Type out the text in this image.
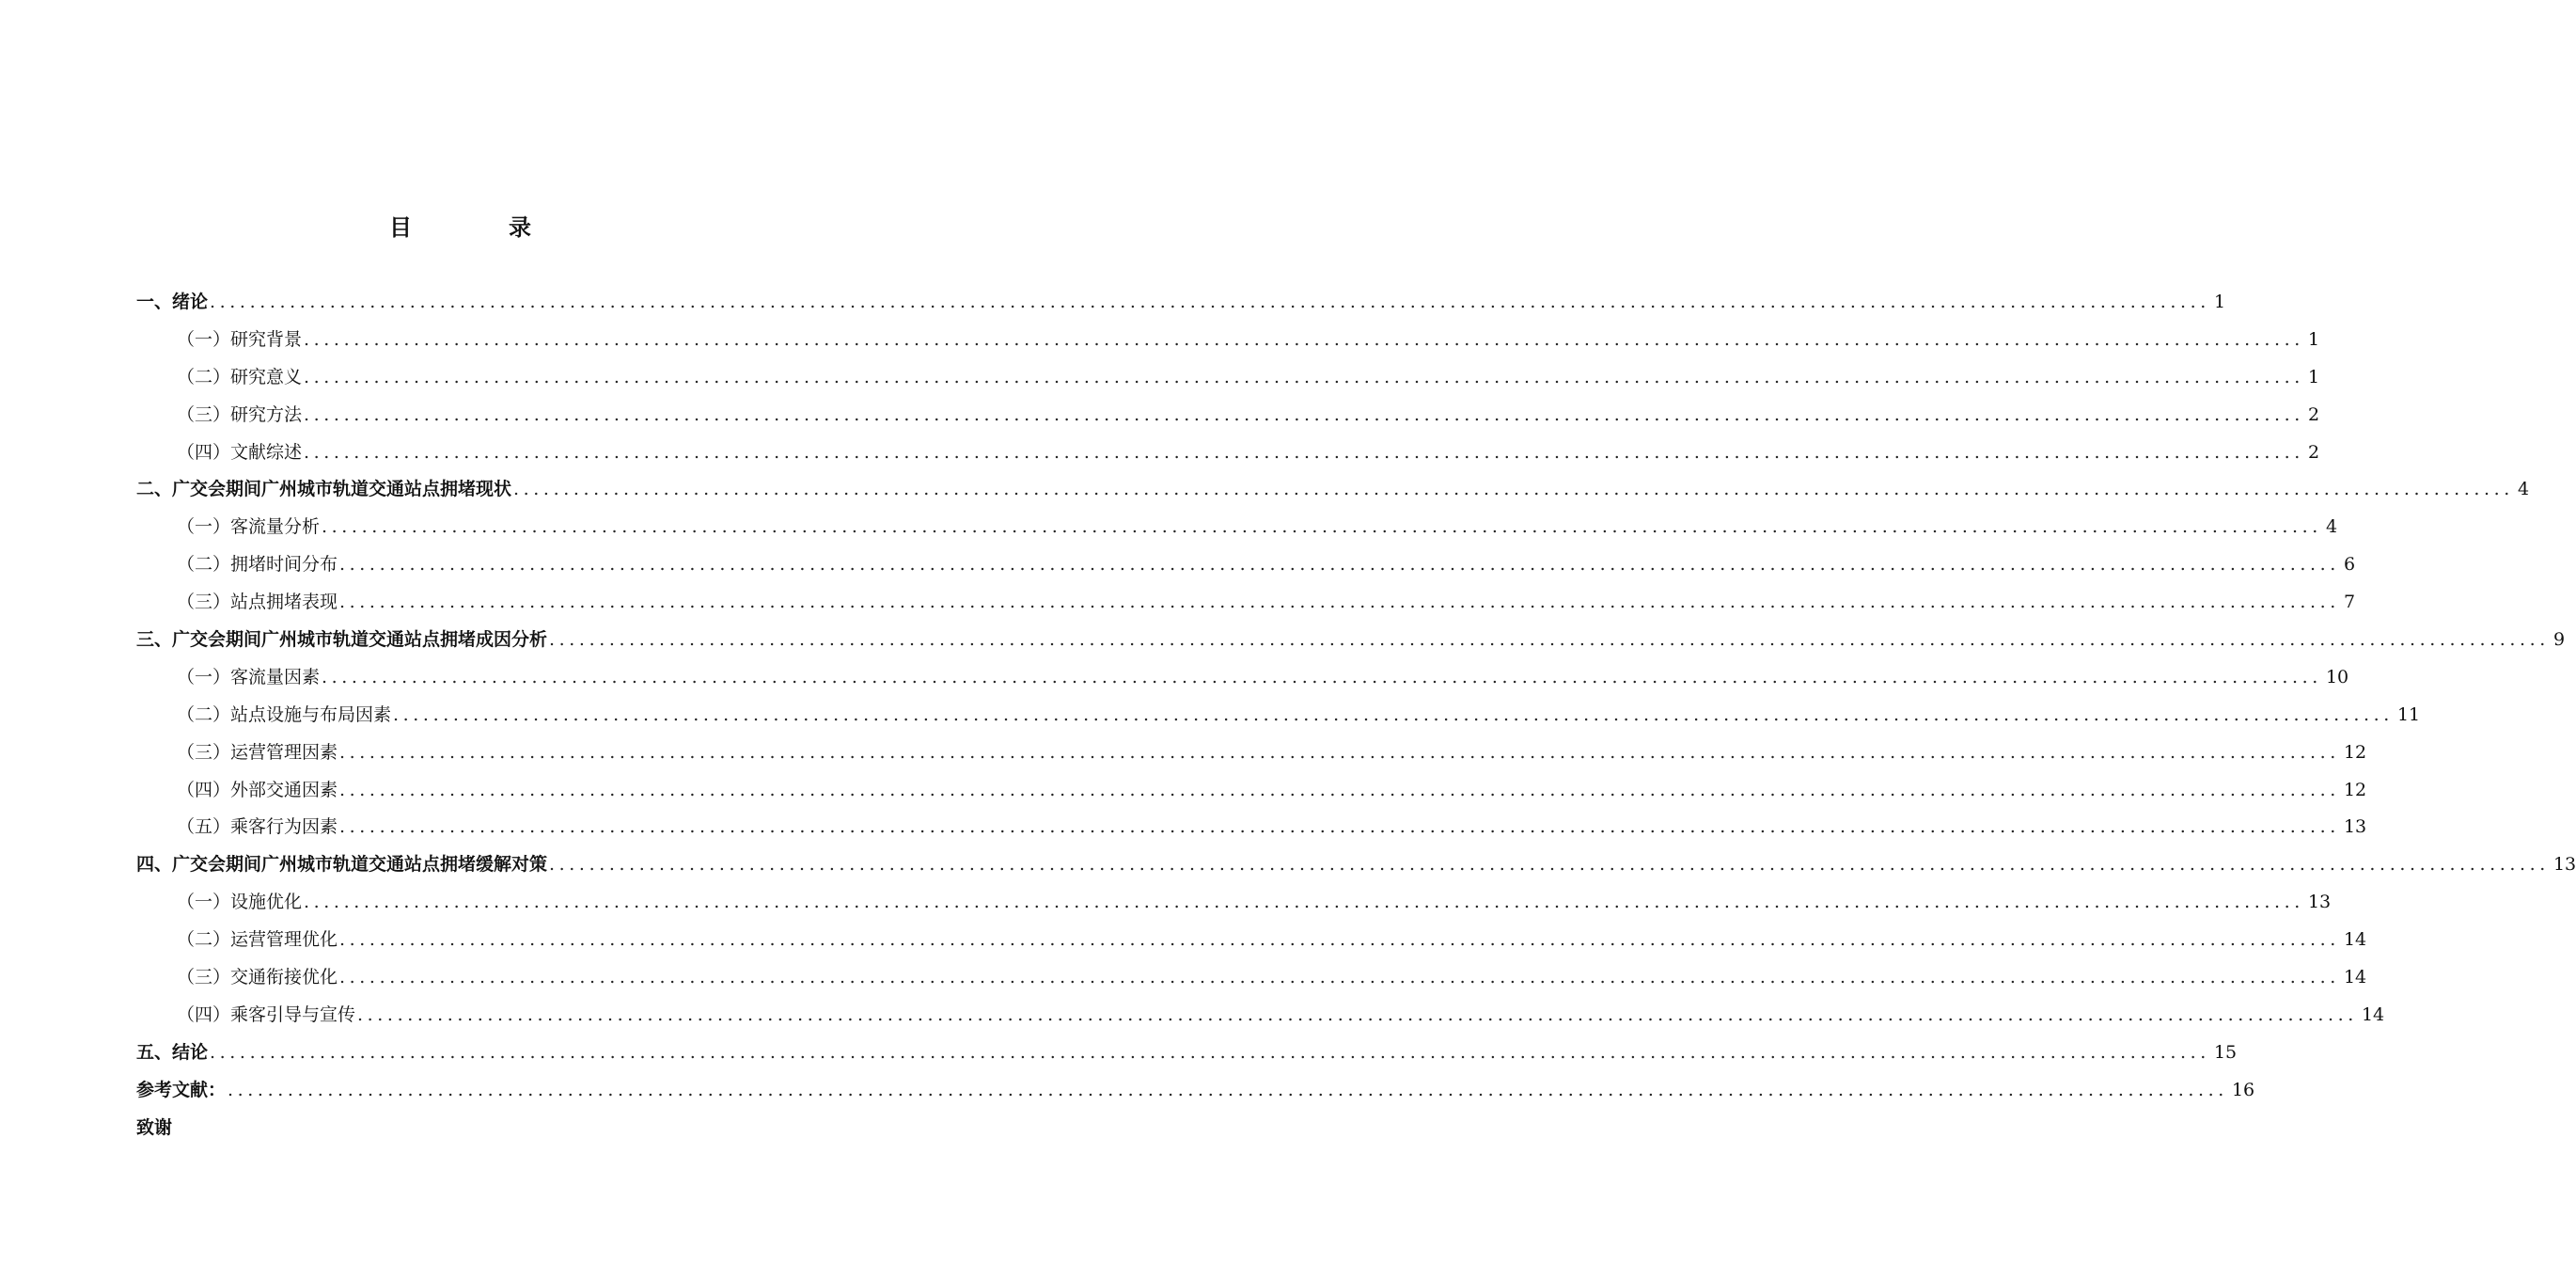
目	录
一、绪论 ........................................................................................................................................................................................................ 1
（一）研究背景 ........................................................................................................................................................................................................ 1
（二）研究意义 ........................................................................................................................................................................................................ 1
（三）研究方法 ........................................................................................................................................................................................................ 2
（四）文献综述 ........................................................................................................................................................................................................ 2
二、广交会期间广州城市轨道交通站点拥堵现状 ........................................................................................................................................................................................................ 4
（一）客流量分析 ........................................................................................................................................................................................................ 4
（二）拥堵时间分布 ........................................................................................................................................................................................................ 6
（三）站点拥堵表现 ........................................................................................................................................................................................................ 7
三、广交会期间广州城市轨道交通站点拥堵成因分析 ........................................................................................................................................................................................................ 9
（一）客流量因素 ........................................................................................................................................................................................................ 10
（二）站点设施与布局因素 ........................................................................................................................................................................................................ 11
（三）运营管理因素 ........................................................................................................................................................................................................ 12
（四）外部交通因素 ........................................................................................................................................................................................................ 12
（五）乘客行为因素 ........................................................................................................................................................................................................ 13
四、广交会期间广州城市轨道交通站点拥堵缓解对策 ........................................................................................................................................................................................................ 13
（一）设施优化 ........................................................................................................................................................................................................ 13
（二）运营管理优化 ........................................................................................................................................................................................................ 14
（三）交通衔接优化 ........................................................................................................................................................................................................ 14
（四）乘客引导与宣传 ........................................................................................................................................................................................................ 14
五、结论 ........................................................................................................................................................................................................ 15
参考文献： ........................................................................................................................................................................................................ 16
致谢
